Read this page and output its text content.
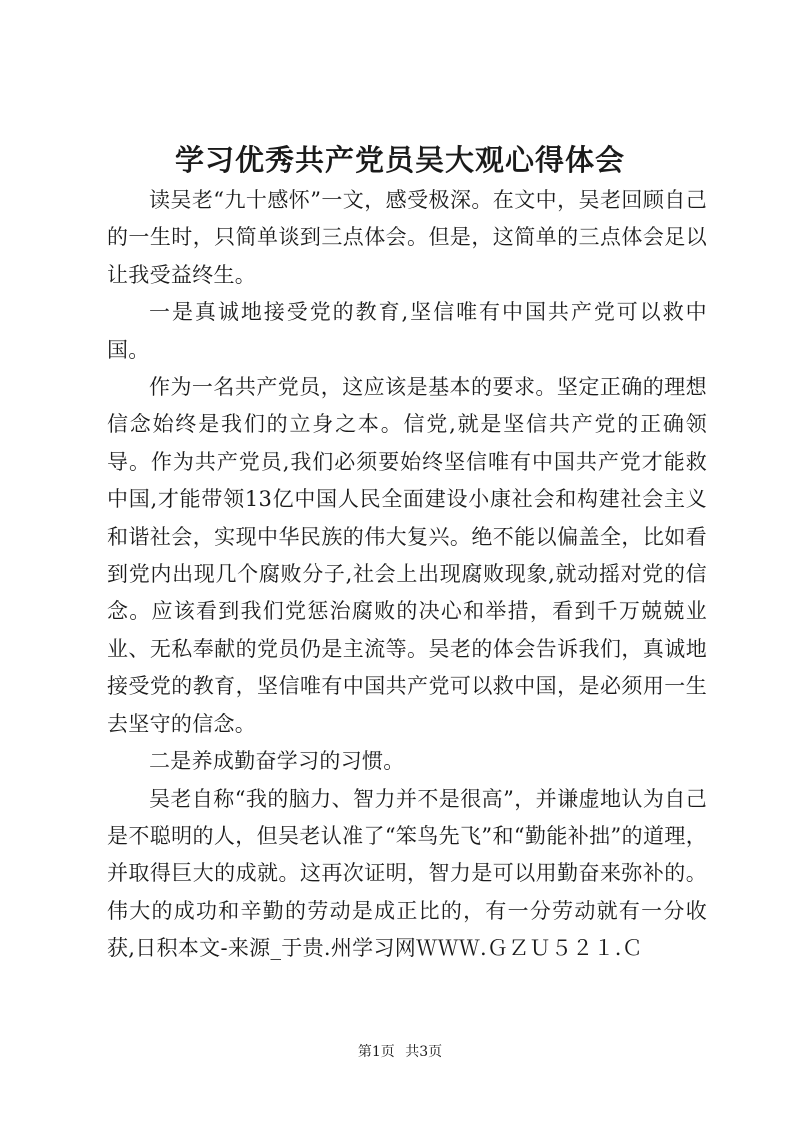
学习优秀共产党员吴大观心得体会

读吴老“九十感怀”一文，感受极深。在文中，吴老回顾自己的一生时，只简单谈到三点体会。但是，这简单的三点体会足以让我受益终生。

一是真诚地接受党的教育,坚信唯有中国共产党可以救中国。

作为一名共产党员，这应该是基本的要求。坚定正确的理想信念始终是我们的立身之本。信党,就是坚信共产党的正确领导。作为共产党员,我们必须要始终坚信唯有中国共产党才能救中国,才能带领13亿中国人民全面建设小康社会和构建社会主义和谐社会，实现中华民族的伟大复兴。绝不能以偏盖全，比如看到党内出现几个腐败分子,社会上出现腐败现象,就动摇对党的信念。应该看到我们党惩治腐败的决心和举措，看到千万兢兢业业、无私奉献的党员仍是主流等。吴老的体会告诉我们，真诚地接受党的教育，坚信唯有中国共产党可以救中国，是必须用一生去坚守的信念。

二是养成勤奋学习的习惯。

吴老自称“我的脑力、智力并不是很高”，并谦虚地认为自己是不聪明的人，但吴老认准了“笨鸟先飞”和“勤能补拙”的道理，并取得巨大的成就。这再次证明，智力是可以用勤奋来弥补的。伟大的成功和辛勤的劳动是成正比的，有一分劳动就有一分收获,日积本文-来源_于贵.州学习网ＷＷＷ.ＧＺＵ５２１.Ｃ

第1页 共3页
